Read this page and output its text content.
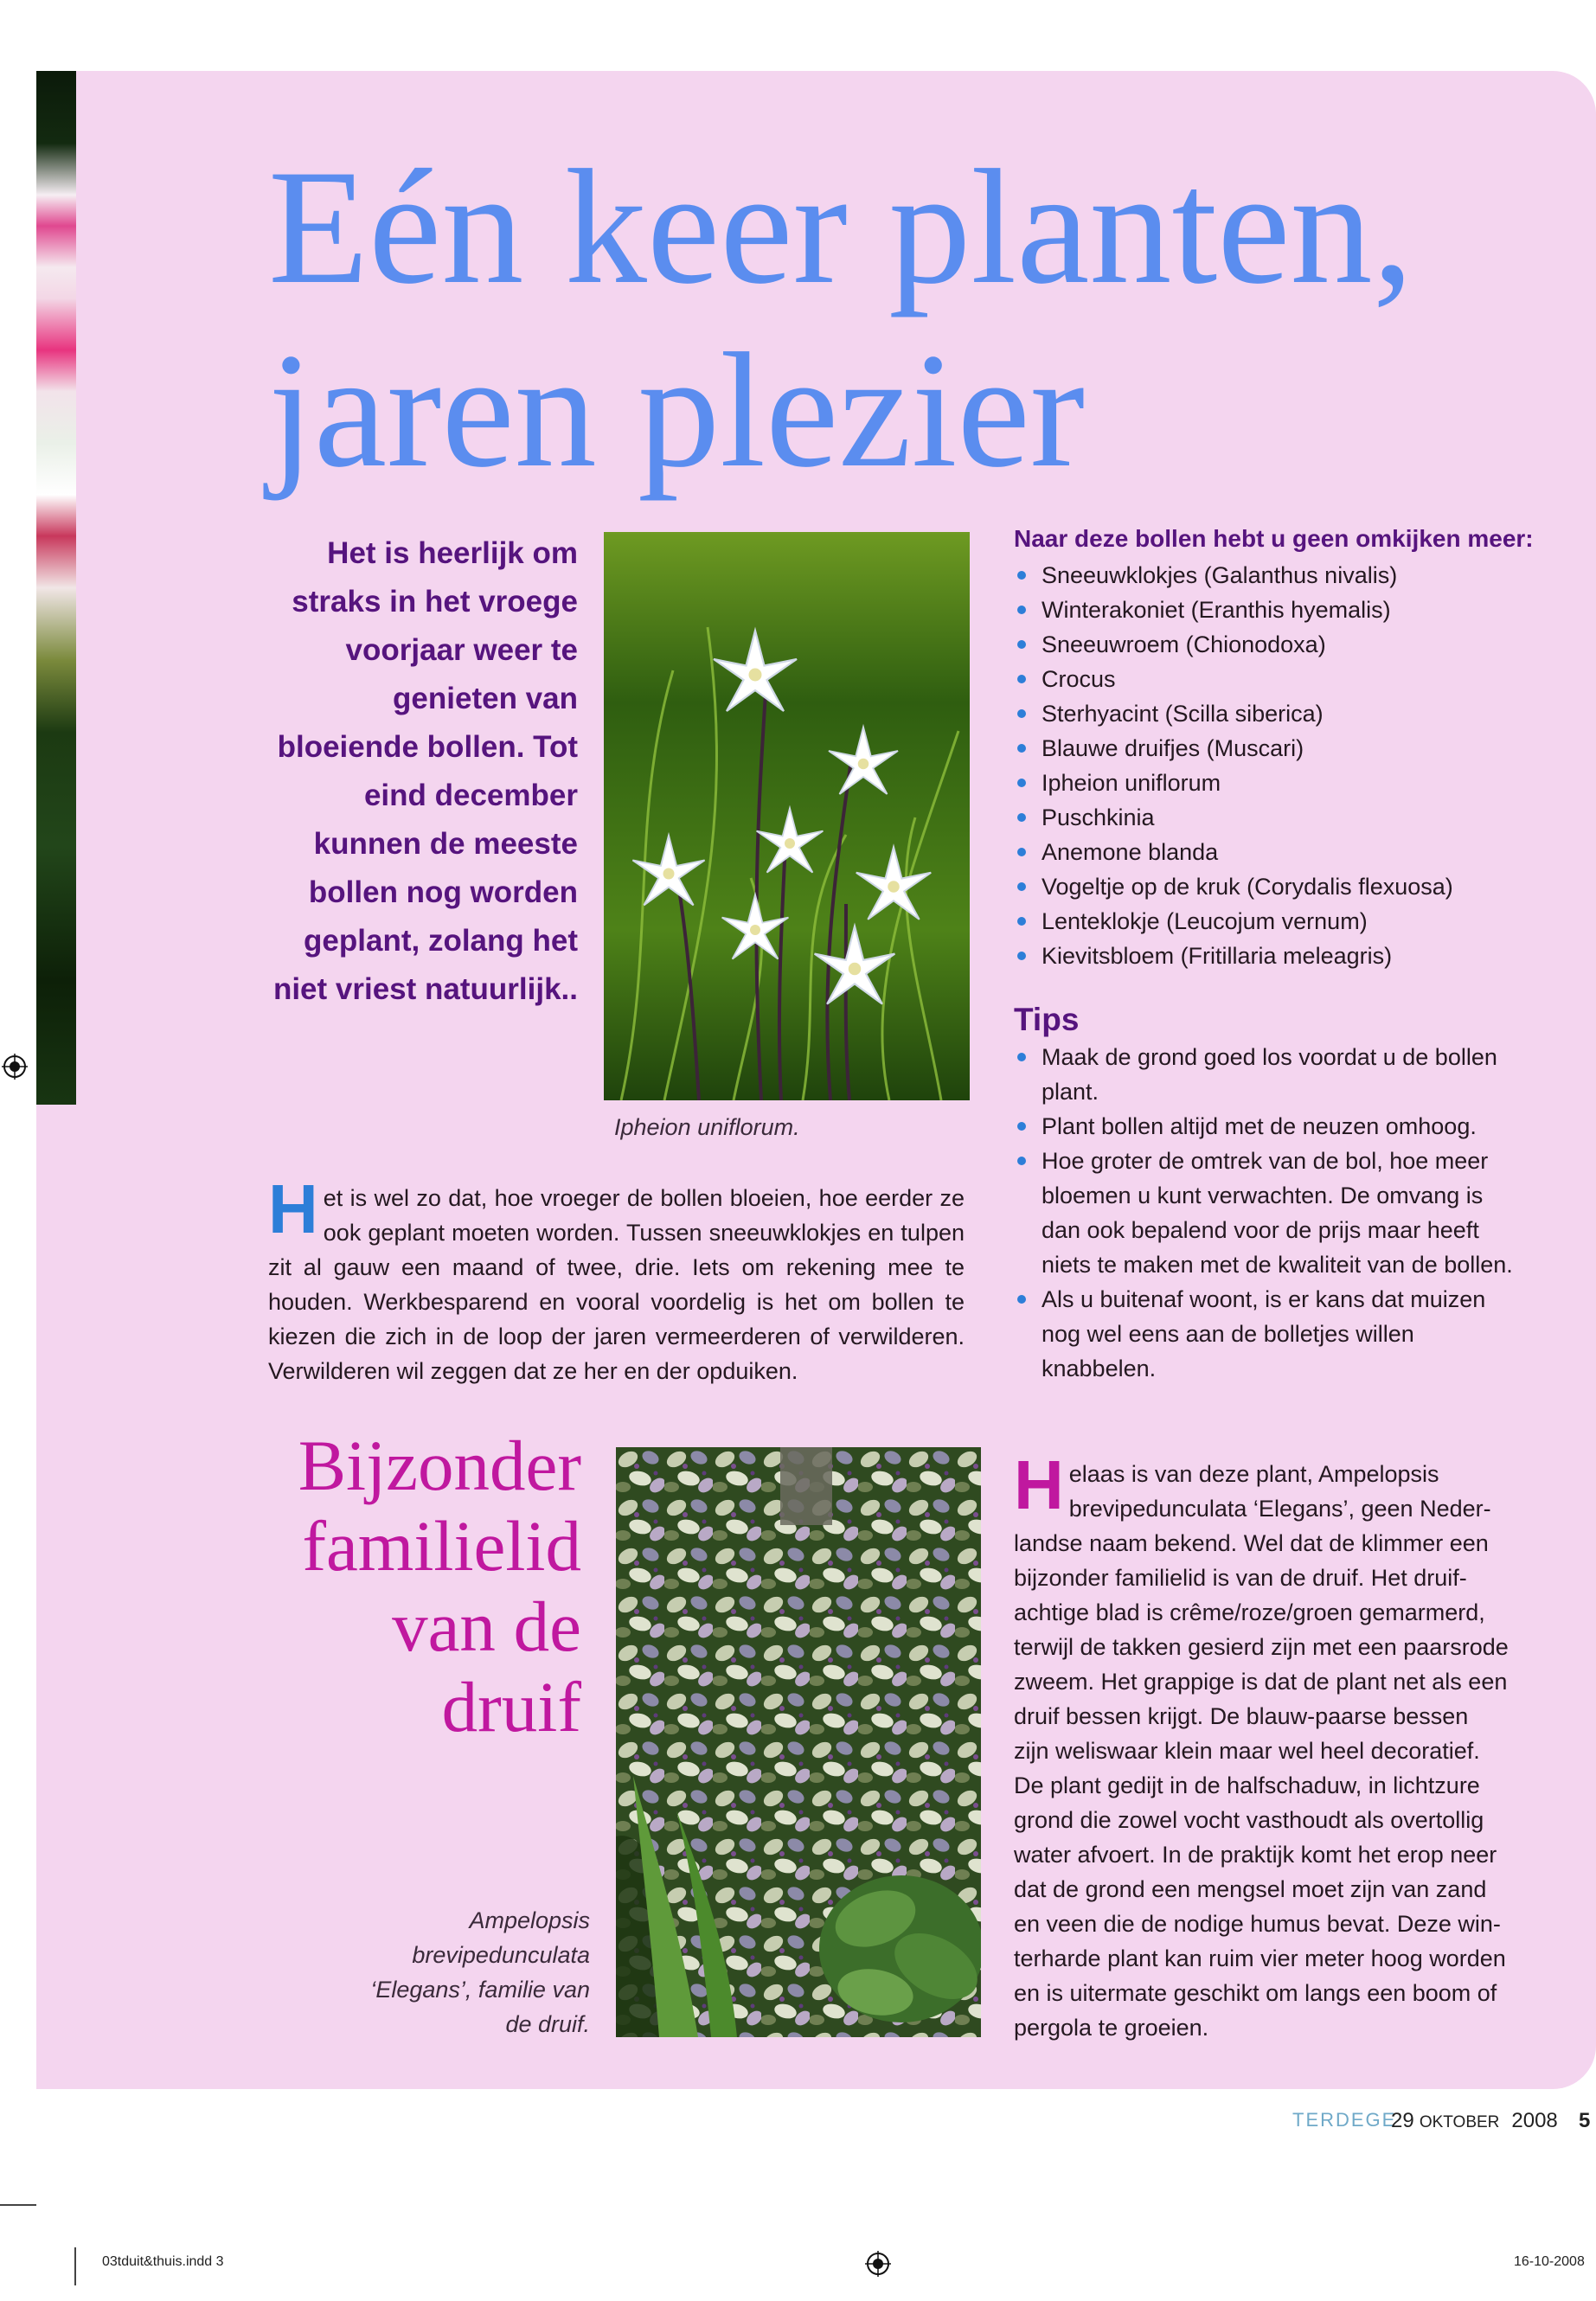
Eén keer planten,
jaren plezier

Het is heerlijk om straks in het vroege voorjaar weer te genieten van bloeiende bollen. Tot eind december kunnen de meeste bollen nog worden geplant, zolang het niet vriest natuurlijk..

Ipheion uniflorum.

Het is wel zo dat, hoe vroeger de bollen bloeien, hoe eerder ze ook geplant moeten worden. Tussen sneeuwklokjes en tulpen zit al gauw een maand of twee, drie. Iets om rekening mee te houden. Werkbesparend en vooral voordelig is het om bollen te kiezen die zich in de loop der jaren vermeerderen of verwilderen. Verwilderen wil zeggen dat ze her en der opduiken.

Bijzonder familielid van de druif

Ampelopsis brevipedunculata ‘Elegans’, familie van de druif.

Naar deze bollen hebt u geen omkijken meer:
Sneeuwklokjes (Galanthus nivalis)
Winterakoniet (Eranthis hyemalis)
Sneeuwroem (Chionodoxa)
Crocus
Sterhyacint (Scilla siberica)
Blauwe druifjes (Muscari)
Ipheion uniflorum
Puschkinia
Anemone blanda
Vogeltje op de kruk (Corydalis flexuosa)
Lenteklokje (Leucojum vernum)
Kievitsbloem (Fritillaria meleagris)
Tips
Maak de grond goed los voordat u de bollen plant.
Plant bollen altijd met de neuzen omhoog.
Hoe groter de omtrek van de bol, hoe meer bloemen u kunt verwachten. De omvang is dan ook bepalend voor de prijs maar heeft niets te maken met de kwaliteit van de bollen.
Als u buitenaf woont, is er kans dat muizen nog wel eens aan de bolletjes willen knabbelen.

Helaas is van deze plant, Ampelopsis brevipedunculata ‘Elegans’, geen Nederlandse naam bekend. Wel dat de klimmer een bijzonder familielid is van de druif. Het druifachtige blad is crême/roze/groen gemarmerd, terwijl de takken gesierd zijn met een paarsrode zweem. Het grappige is dat de plant net als een druif bessen krijgt. De blauw-paarse bessen zijn weliswaar klein maar wel heel decoratief. De plant gedijt in de halfschaduw, in lichtzure grond die zowel vocht vasthoudt als overtollig water afvoert. In de praktijk komt het erop neer dat de grond een mengsel moet zijn van zand en veen die de nodige humus bevat. Deze winterharde plant kan ruim vier meter hoog worden en is uitermate geschikt om langs een boom of pergola te groeien.

TERDEGE
29 OKTOBER 2008 5
03tduit&thuis.indd 3	16-10-2008
